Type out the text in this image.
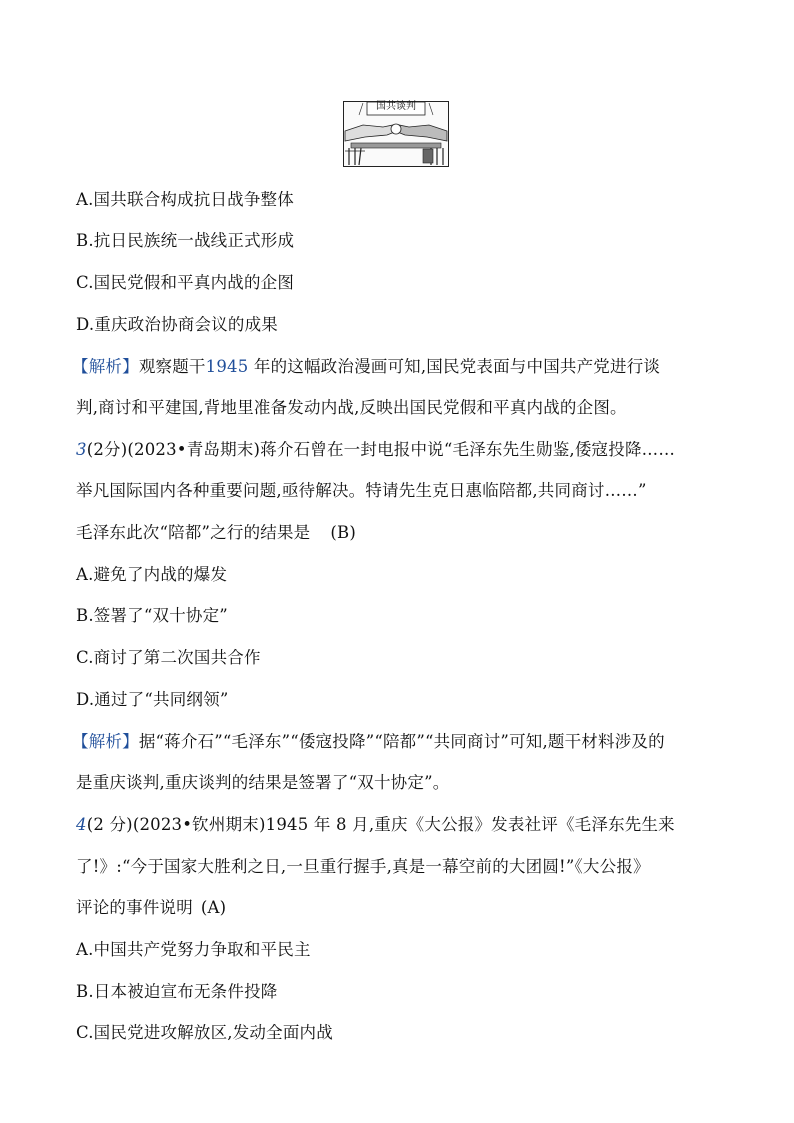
国共谈判
A.国共联合构成抗日战争整体
B.抗日民族统一战线正式形成
C.国民党假和平真内战的企图
D.重庆政治协商会议的成果
【解析】观察题干1945 年的这幅政治漫画可知,国民党表面与中国共产党进行谈
判,商讨和平建国,背地里准备发动内战,反映出国民党假和平真内战的企图。
3(2分)(2023•青岛期末)蒋介石曾在一封电报中说“毛泽东先生勋鉴,倭寇投降……
举凡国际国内各种重要问题,亟待解决。特请先生克日惠临陪都,共同商讨……”
毛泽东此次“陪都”之行的结果是 (B)
A.避免了内战的爆发
B.签署了“双十协定”
C.商讨了第二次国共合作
D.通过了“共同纲领”
【解析】据“蒋介石”“毛泽东”“倭寇投降”“陪都”“共同商讨”可知,题干材料涉及的
是重庆谈判,重庆谈判的结果是签署了“双十协定”。
4(2 分)(2023•钦州期末)1945 年 8 月,重庆《大公报》发表社评《毛泽东先生来
了!》:“今于国家大胜利之日,一旦重行握手,真是一幕空前的大团圆!”《大公报》
评论的事件说明 (A)
A.中国共产党努力争取和平民主
B.日本被迫宣布无条件投降
C.国民党进攻解放区,发动全面内战
